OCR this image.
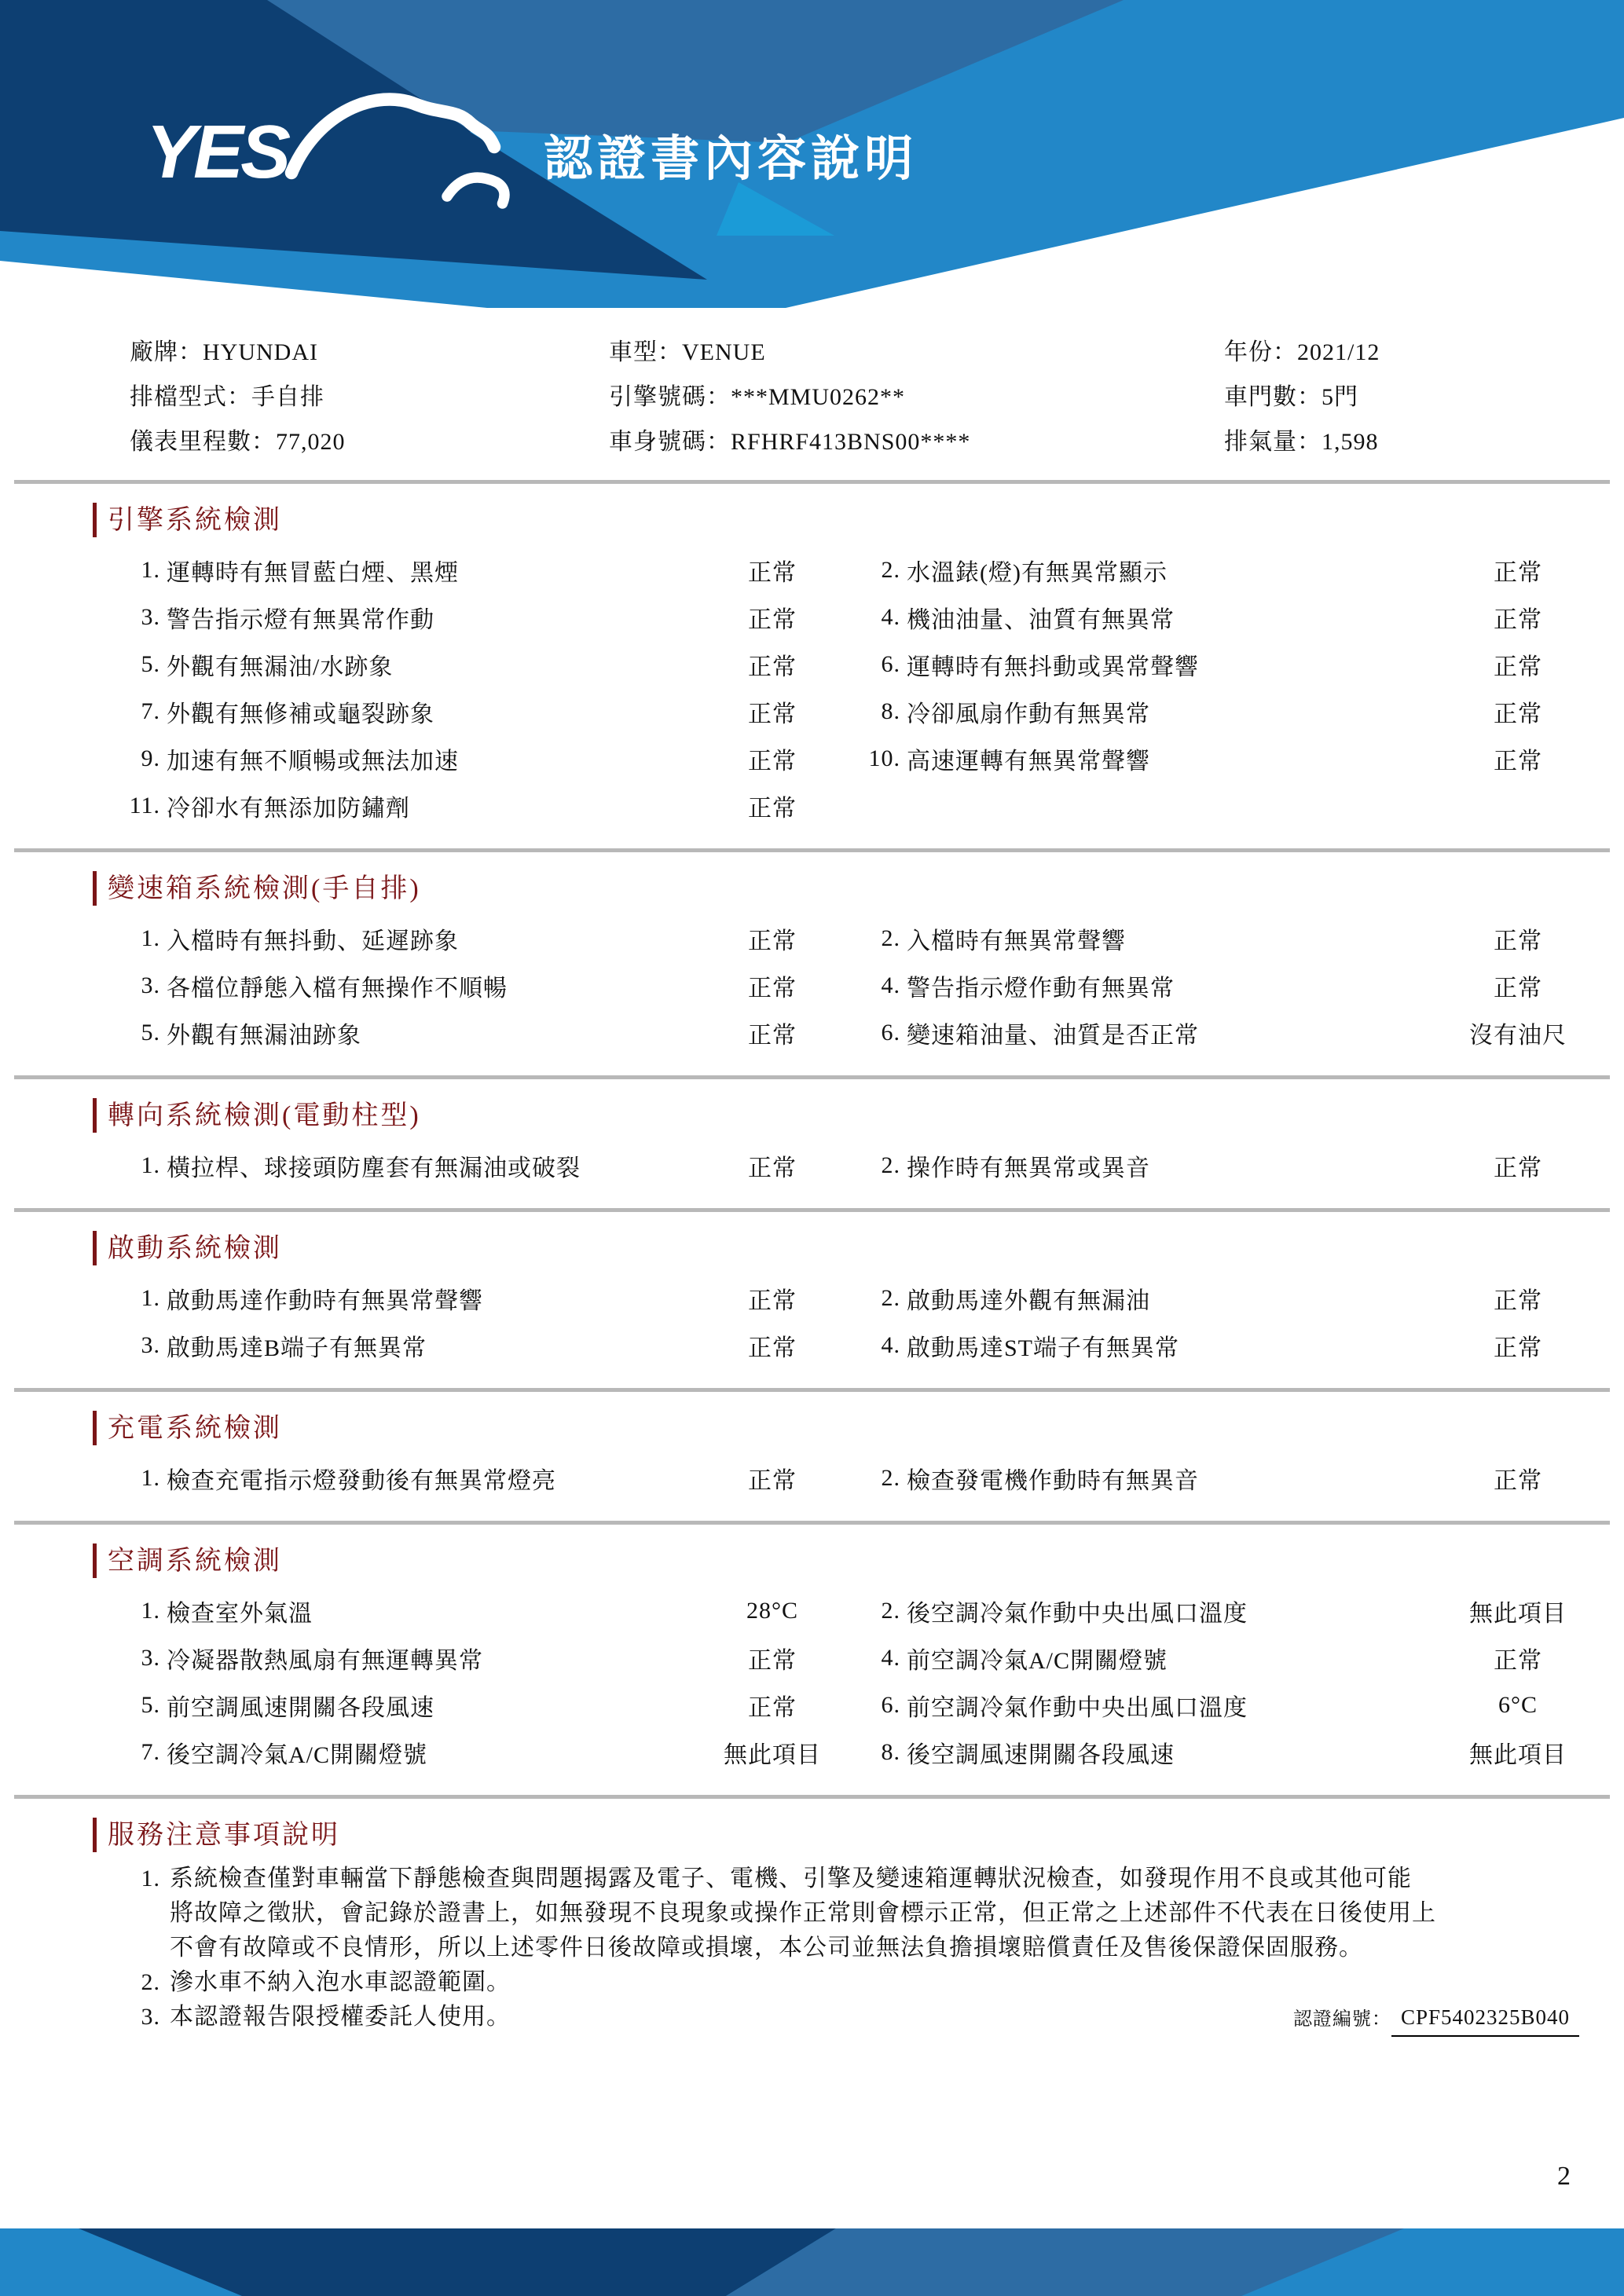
YES	認證書內容說明
廠牌：HYUNDAI	車型：VENUE	年份：2021/12
排檔型式：手自排	引擎號碼：***MMU0262**	車門數：5門
儀表里程數：77,020	車身號碼：RFHRF413BNS00****	排氣量：1,598
引擎系統檢測
1. 運轉時有無冒藍白煙、黑煙	正常	2. 水溫錶(燈)有無異常顯示	正常
3. 警告指示燈有無異常作動	正常	4. 機油油量、油質有無異常	正常
5. 外觀有無漏油/水跡象	正常	6. 運轉時有無抖動或異常聲響	正常
7. 外觀有無修補或龜裂跡象	正常	8. 冷卻風扇作動有無異常	正常
9. 加速有無不順暢或無法加速	正常	10. 高速運轉有無異常聲響	正常
11. 冷卻水有無添加防鏽劑	正常
變速箱系統檢測(手自排)
1. 入檔時有無抖動、延遲跡象	正常	2. 入檔時有無異常聲響	正常
3. 各檔位靜態入檔有無操作不順暢	正常	4. 警告指示燈作動有無異常	正常
5. 外觀有無漏油跡象	正常	6. 變速箱油量、油質是否正常	沒有油尺
轉向系統檢測(電動柱型)
1. 橫拉桿、球接頭防塵套有無漏油或破裂	正常	2. 操作時有無異常或異音	正常
啟動系統檢測
1. 啟動馬達作動時有無異常聲響	正常	2. 啟動馬達外觀有無漏油	正常
3. 啟動馬達B端子有無異常	正常	4. 啟動馬達ST端子有無異常	正常
充電系統檢測
1. 檢查充電指示燈發動後有無異常燈亮	正常	2. 檢查發電機作動時有無異音	正常
空調系統檢測
1. 檢查室外氣溫	28°C	2. 後空調冷氣作動中央出風口溫度	無此項目
3. 冷凝器散熱風扇有無運轉異常	正常	4. 前空調冷氣A/C開關燈號	正常
5. 前空調風速開關各段風速	正常	6. 前空調冷氣作動中央出風口溫度	6°C
7. 後空調冷氣A/C開關燈號	無此項目	8. 後空調風速開關各段風速	無此項目
服務注意事項說明
1. 系統檢查僅對車輛當下靜態檢查與問題揭露及電子、電機、引擎及變速箱運轉狀況檢查，如發現作用不良或其他可能
將故障之徵狀，會記錄於證書上，如無發現不良現象或操作正常則會標示正常，但正常之上述部件不代表在日後使用上
不會有故障或不良情形，所以上述零件日後故障或損壞，本公司並無法負擔損壞賠償責任及售後保證保固服務。
2. 滲水車不納入泡水車認證範圍。
3. 本認證報告限授權委託人使用。	認證編號： CPF5402325B040
2
